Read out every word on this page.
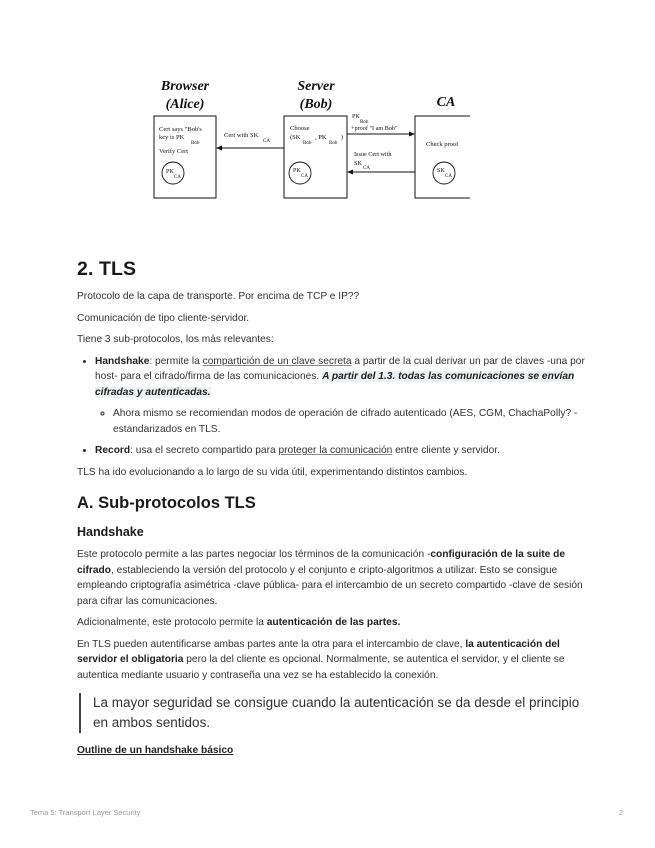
Browser
(Alice)
Server
(Bob)	CA
Cert says "Bob's
key is PK
Bob
Verify Cert
PK
CA
Choose
(SK
Bob
, PK
Bob
)
PK
CA
Check proof
SK
CA
Cert with SK
CA
PK
Bob
+proof "I am Bob"
Issue Cert with
SK
CA
2. TLS

Protocolo de la capa de transporte. Por encima de TCP e IP??

Comunicación de tipo cliente-servidor.

Tiene 3 sub-protocolos, los más relevantes:

• Handshake: permite la compartición de un clave secreta a partir de la cual derivar un par de claves -una por host- para el cifrado/firma de las comunicaciones. A partir del 1.3. todas las comunicaciones se envían cifradas y autenticadas.
◦ Ahora mismo se recomiendan modos de operación de cifrado autenticado (AES, CGM, ChachaPolly? -estandarizados en TLS.
• Record: usa el secreto compartido para proteger la comunicación entre cliente y servidor.

TLS ha ido evolucionando a lo largo de su vida útil, experimentando distintos cambios.

A. Sub-protocolos TLS
Handshake

Este protocolo permite a las partes negociar los términos de la comunicación -configuración de la suite de cifrado, estableciendo la versión del protocolo y el conjunto e cripto-algoritmos a utilizar. Esto se consigue empleando criptografía asimétrica -clave pública- para el intercambio de un secreto compartido -clave de sesión para cifrar las comunicaciones.

Adicionalmente, este protocolo permite la autenticación de las partes.

En TLS pueden autentificarse ambas partes ante la otra para el intercambio de clave, la autenticación del servidor el obligatoria pero la del cliente es opcional. Normalmente, se autentica el servidor, y el cliente se autentica mediante usuario y contraseña una vez se ha establecido la conexión.

La mayor seguridad se consigue cuando la autenticación se da desde el principio en ambos sentidos.
Outline de un handshake básico
Tema 5: Transport Layer Security	2
